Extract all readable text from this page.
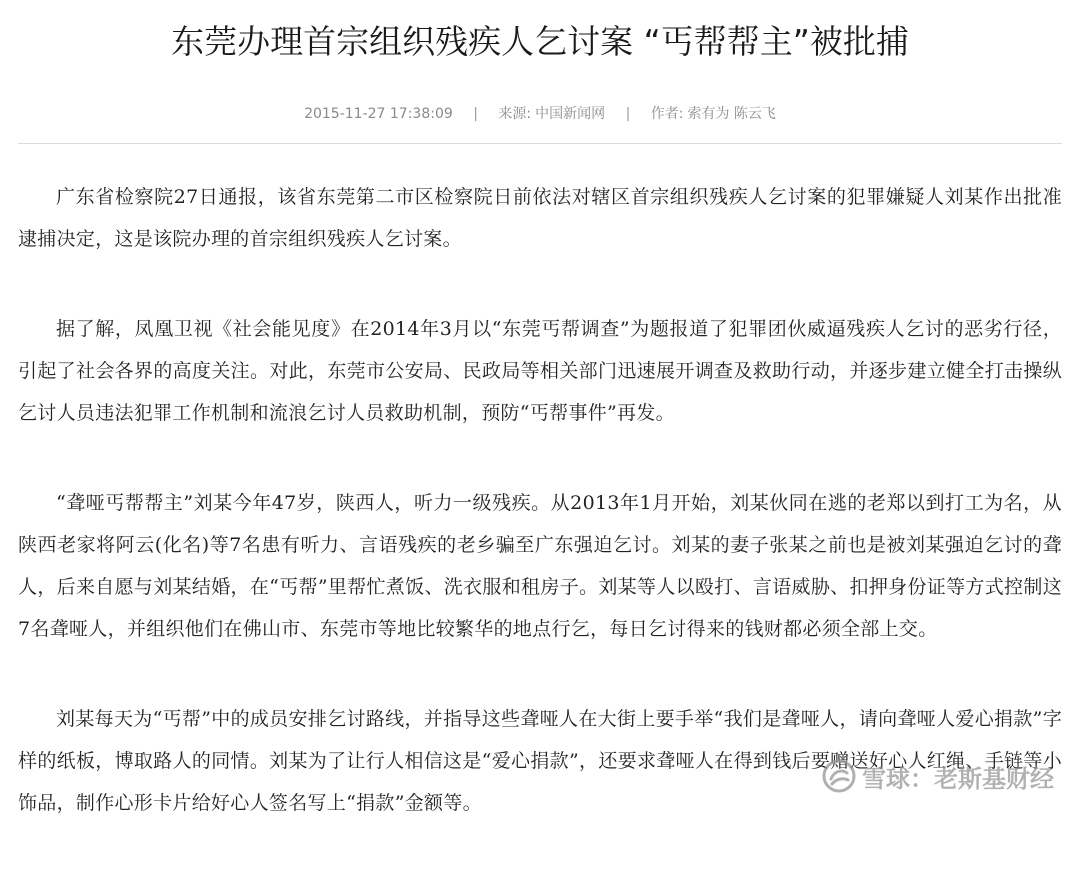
东莞办理首宗组织残疾人乞讨案 “丐帮帮主”被批捕
2015-11-27 17:38:09 | 来源: 中国新闻网 | 作者: 索有为 陈云飞

广东省检察院27日通报，该省东莞第二市区检察院日前依法对辖区首宗组织残疾人乞讨案的犯罪嫌疑人刘某作出批准逮捕决定，这是该院办理的首宗组织残疾人乞讨案。

据了解，凤凰卫视《社会能见度》在2014年3月以“东莞丐帮调查”为题报道了犯罪团伙威逼残疾人乞讨的恶劣行径，引起了社会各界的高度关注。对此，东莞市公安局、民政局等相关部门迅速展开调查及救助行动，并逐步建立健全打击操纵乞讨人员违法犯罪工作机制和流浪乞讨人员救助机制，预防“丐帮事件”再发。

“聋哑丐帮帮主”刘某今年47岁，陕西人，听力一级残疾。从2013年1月开始，刘某伙同在逃的老郑以到打工为名，从陕西老家将阿云(化名)等7名患有听力、言语残疾的老乡骗至广东强迫乞讨。刘某的妻子张某之前也是被刘某强迫乞讨的聋人，后来自愿与刘某结婚，在“丐帮”里帮忙煮饭、洗衣服和租房子。刘某等人以殴打、言语威胁、扣押身份证等方式控制这7名聋哑人，并组织他们在佛山市、东莞市等地比较繁华的地点行乞，每日乞讨得来的钱财都必须全部上交。

刘某每天为“丐帮”中的成员安排乞讨路线，并指导这些聋哑人在大街上要手举“我们是聋哑人，请向聋哑人爱心捐款”字样的纸板，博取路人的同情。刘某为了让行人相信这是“爱心捐款”，还要求聋哑人在得到钱后要赠送好心人红绳、手链等小饰品，制作心形卡片给好心人签名写上“捐款”金额等。

雪球：老斯基财经
